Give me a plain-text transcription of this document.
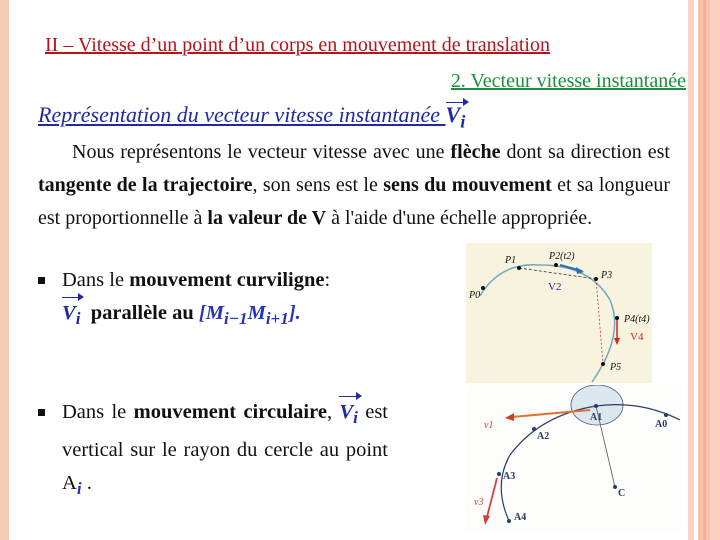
II – Vitesse d’un point d’un corps en mouvement de translation
2. Vecteur vitesse instantanée
Représentation du vecteur vitesse instantanée $V_i$
Nous représentons le vecteur vitesse avec une flèche dont sa direction est tangente de la trajectoire, son sens est le sens du mouvement et sa longueur est proportionnelle à la valeur de V à l'aide d'une échelle appropriée.
Dans le mouvement curviligne:
$V_i$  parallèle au $[M_{i-1}M_{i+1}]$.
Dans le mouvement circulaire, $V_i$ est vertical sur le rayon du cercle au point $A_i$ .
P0
P1	P2(t2)
P3
P4(t4)
P5
V2
V4
A0
A1
A2
A3
A4
C
v1
v3
